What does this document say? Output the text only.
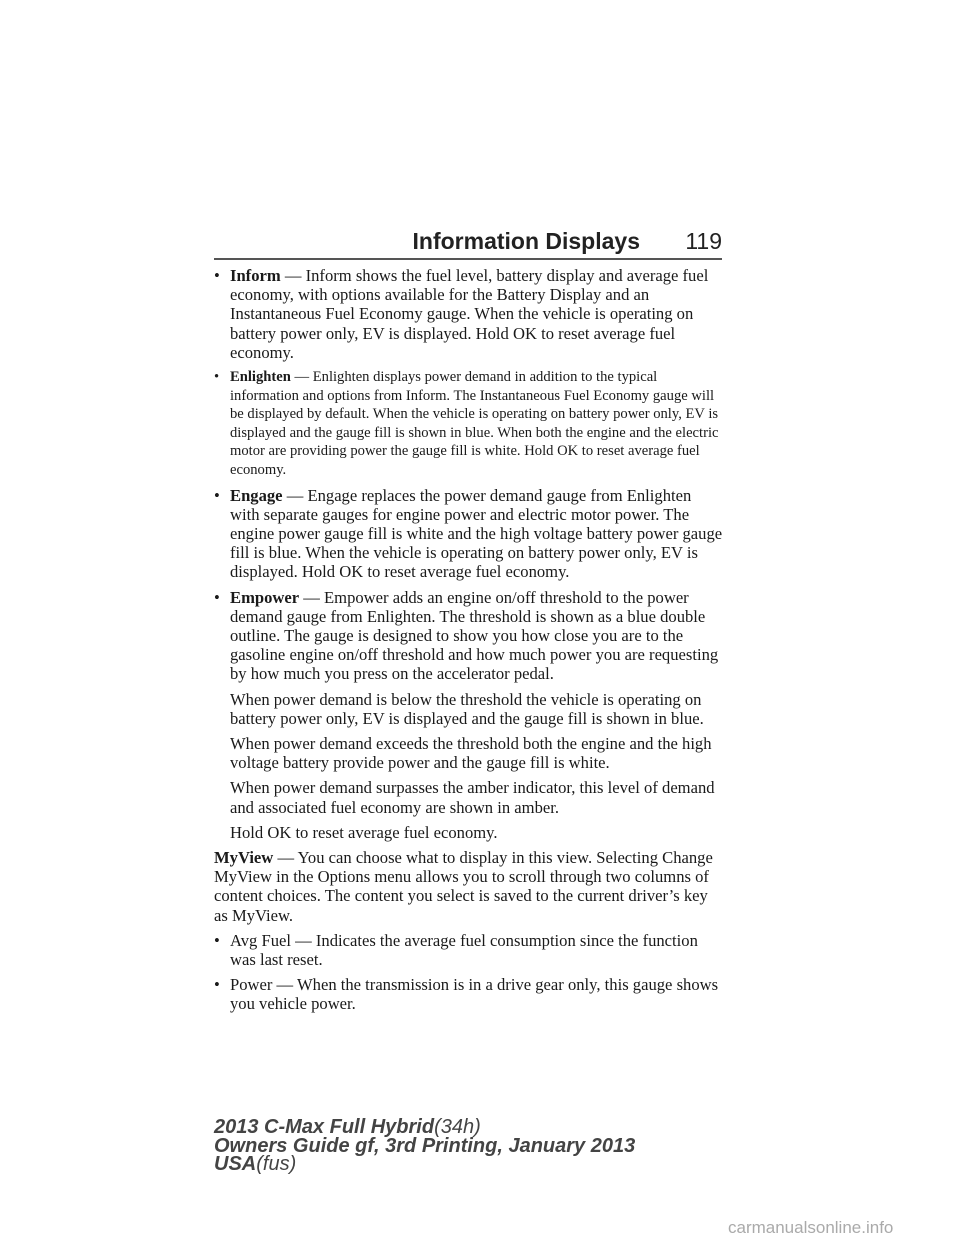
Information Displays 119
• Inform — Inform shows the fuel level, battery display and average fuel economy, with options available for the Battery Display and an Instantaneous Fuel Economy gauge. When the vehicle is operating on battery power only, EV is displayed. Hold OK to reset average fuel economy.
• Enlighten — Enlighten displays power demand in addition to the typical information and options from Inform. The Instantaneous Fuel Economy gauge will be displayed by default. When the vehicle is operating on battery power only, EV is displayed and the gauge fill is shown in blue. When both the engine and the electric motor are providing power the gauge fill is white. Hold OK to reset average fuel economy.
• Engage — Engage replaces the power demand gauge from Enlighten with separate gauges for engine power and electric motor power. The engine power gauge fill is white and the high voltage battery power gauge fill is blue. When the vehicle is operating on battery power only, EV is displayed. Hold OK to reset average fuel economy.
• Empower — Empower adds an engine on/off threshold to the power demand gauge from Enlighten. The threshold is shown as a blue double outline. The gauge is designed to show you how close you are to the gasoline engine on/off threshold and how much power you are requesting by how much you press on the accelerator pedal.
When power demand is below the threshold the vehicle is operating on battery power only, EV is displayed and the gauge fill is shown in blue.
When power demand exceeds the threshold both the engine and the high voltage battery provide power and the gauge fill is white.
When power demand surpasses the amber indicator, this level of demand and associated fuel economy are shown in amber.
Hold OK to reset average fuel economy.
MyView — You can choose what to display in this view. Selecting Change MyView in the Options menu allows you to scroll through two columns of content choices. The content you select is saved to the current driver’s key as MyView.
• Avg Fuel — Indicates the average fuel consumption since the function was last reset.
• Power — When the transmission is in a drive gear only, this gauge shows you vehicle power.
2013 C-Max Full Hybrid(34h)
Owners Guide gf, 3rd Printing, January 2013
USA(fus)
carmanualsonline.info
